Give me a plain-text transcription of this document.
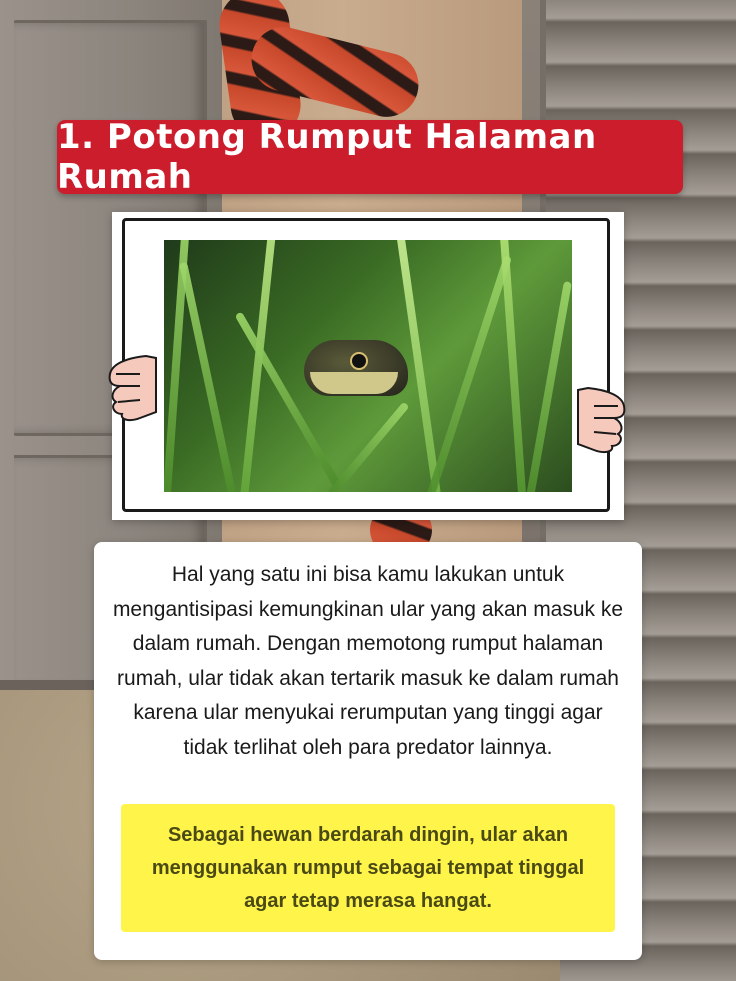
1. Potong Rumput Halaman Rumah

Hal yang satu ini bisa kamu lakukan untuk mengantisipasi kemungkinan ular yang akan masuk ke dalam rumah. Dengan memotong rumput halaman rumah, ular tidak akan tertarik masuk ke dalam rumah karena ular menyukai rerumputan yang tinggi agar tidak terlihat oleh para predator lainnya.

Sebagai hewan berdarah dingin, ular akan menggunakan rumput sebagai tempat tinggal agar tetap merasa hangat.
